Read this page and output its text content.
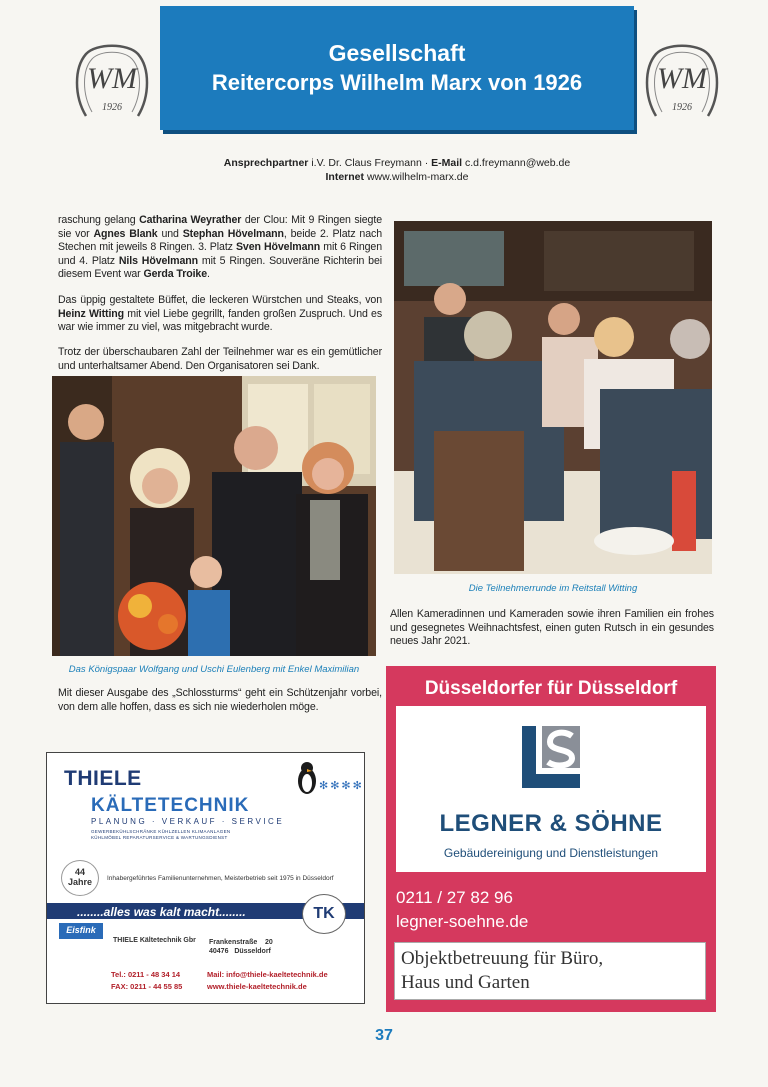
WM
1926
WM
1926
Gesellschaft
Reitercorps Wilhelm Marx von 1926
Ansprechpartner i.V. Dr. Claus Freymann · E-Mail c.d.freymann@web.de
Internet www.wilhelm-marx.de

raschung gelang Catharina Weyrather der Clou: Mit 9 Ringen siegte sie vor Agnes Blank und Stephan Hövelmann, beide 2. Platz nach Stechen mit jeweils 8 Ringen. 3. Platz Sven Hövelmann mit 6 Ringen und 4. Platz Nils Hövelmann mit 5 Ringen. Souveräne Richterin bei diesem Event war Gerda Troike.

Das üppig gestaltete Büffet, die leckeren Würstchen und Steaks, von Heinz Witting mit viel Liebe gegrillt, fanden großen Zuspruch. Und es war wie immer zu viel, was mitgebracht wurde.

Trotz der überschaubaren Zahl der Teilnehmer war es ein gemütlicher und unterhaltsamer Abend. Den Organisatoren sei Dank.

Das Königspaar Wolfgang und Uschi Eulenberg mit Enkel Maximilian
Die Teilnehmerrunde im Reitstall Witting

Allen Kameradinnen und Kameraden sowie ihren Familien ein frohes und gesegnetes Weihnachtsfest, einen guten Rutsch in ein gesundes neues Jahr 2021.

Mit dieser Ausgabe des „Schlossturms“ geht ein Schützenjahr vorbei, von dem alle hoffen, dass es sich nie wiederholen möge.

THIELE	✻✻✻✻
KÄLTETECHNIK
PLANUNG · VERKAUF · SERVICE
GEWERBEKÜHLSCHRÄNKE KÜHLZELLEN KLIMAANLAGEN
KÜHLMÖBEL REPARATURSERVICE & WARTUNGSDIENST
44
Jahre	Inhabergeführtes Familienunternehmen, Meisterbetrieb seit 1975 in Düsseldorf
........alles was kalt macht........	TK
Eisfink
THIELE Kältetechnik Gbr Frankenstraße 20
40476 Düsseldorf
Tel.: 0211 - 48 34 14
FAX: 0211 - 44 55 85
Mail: info@thiele-kaeltetechnik.de
www.thiele-kaeltetechnik.de
Düsseldorfer für Düsseldorf
LEGNER & SÖHNE
Gebäudereinigung und Dienstleistungen
0211 / 27 82 96
legner-soehne.de
Objektbetreuung für Büro,
Haus und Garten
37
